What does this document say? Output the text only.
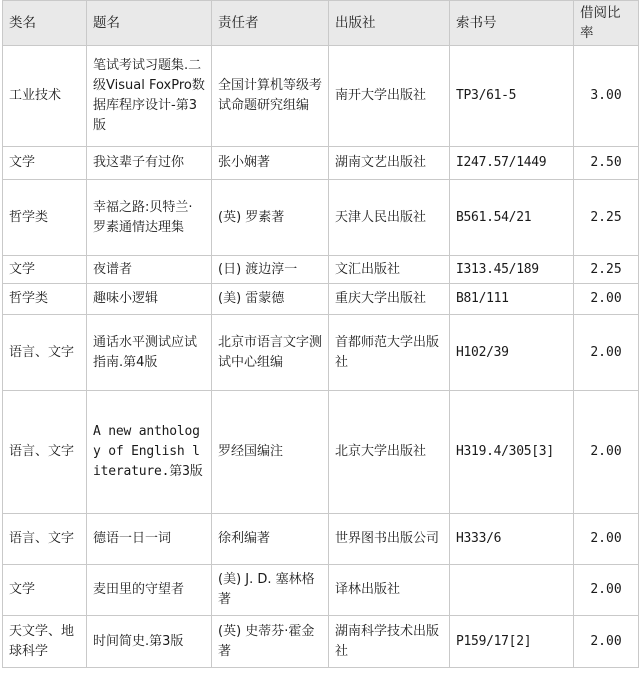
类名	题名	责任者	出版社	索书号	借阅比率
工业技术	笔试考试习题集.二级Visual FoxPro数据库程序设计-第3版	全国计算机等级考试命题研究组编	南开大学出版社	TP3/61-5	3.00
文学	我这辈子有过你	张小娴著	湖南文艺出版社	I247.57/1449	2.50
哲学类	幸福之路:贝特兰·罗素通情达理集	(英) 罗素著	天津人民出版社	B561.54/21	2.25
文学	夜谱者	(日) 渡边淳一	文汇出版社	I313.45/189	2.25
哲学类	趣味小逻辑	(美) 雷蒙德	重庆大学出版社	B81/111	2.00
语言、文字	通话水平测试应试指南.第4版	北京市语言文字测试中心组编	首都师范大学出版社	H102/39	2.00
语言、文字	A new anthology of English literature.第3版	罗经国编注	北京大学出版社	H319.4/305[3]	2.00
语言、文字	德语一日一词	徐利编著	世界图书出版公司	H333/6	2.00
文学	麦田里的守望者	(美) J. D. 塞林格著	译林出版社		2.00
天文学、地球科学	时间简史.第3版	(英) 史蒂芬·霍金著	湖南科学技术出版社	P159/17[2]	2.00
